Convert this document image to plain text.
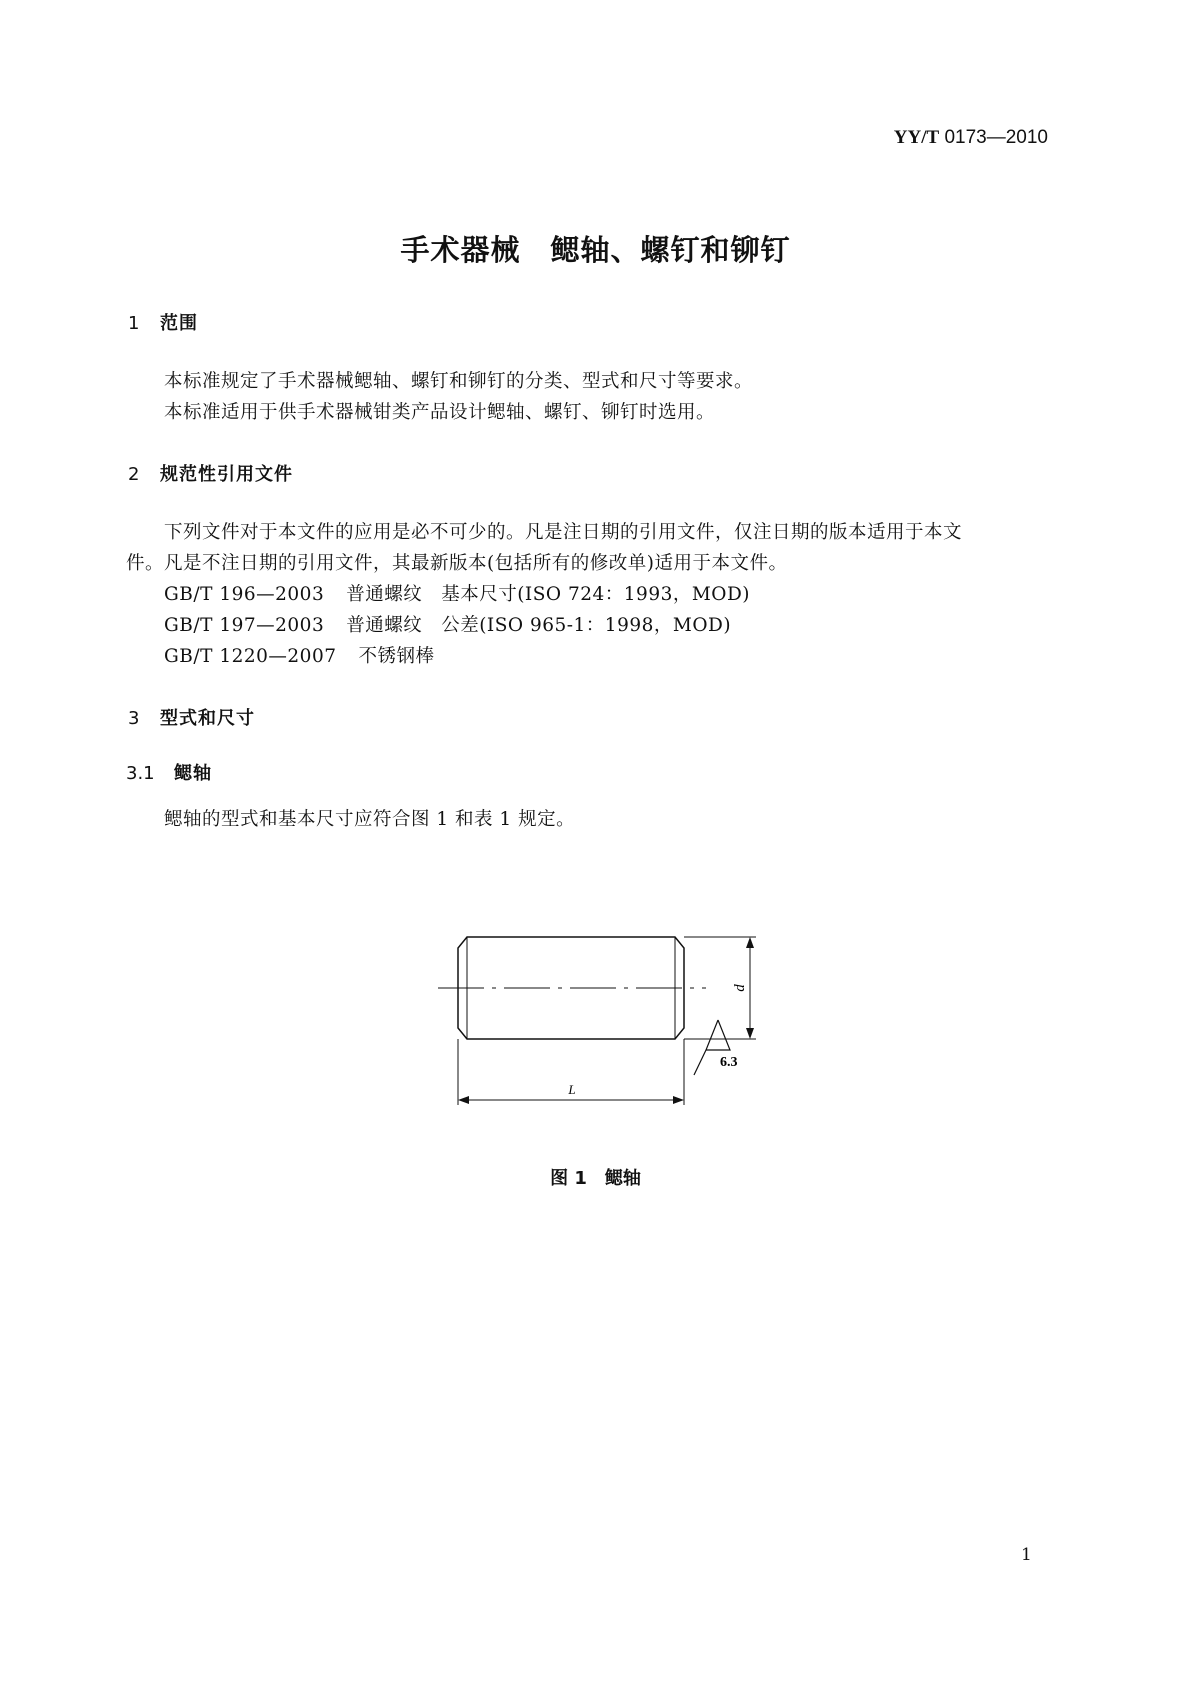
YY/T 0173—2010
手术器械　鳃轴、螺钉和铆钉
1 范围
本标准规定了手术器械鳃轴、螺钉和铆钉的分类、型式和尺寸等要求。
本标准适用于供手术器械钳类产品设计鳃轴、螺钉、铆钉时选用。
2 规范性引用文件
下列文件对于本文件的应用是必不可少的。凡是注日期的引用文件，仅注日期的版本适用于本文
件。凡是不注日期的引用文件，其最新版本(包括所有的修改单)适用于本文件。
GB/T 196—2003 普通螺纹　基本尺寸(ISO 724：1993，MOD)
GB/T 197—2003 普通螺纹　公差(ISO 965-1：1998，MOD)
GB/T 1220—2007 不锈钢棒
3 型式和尺寸
3.1 鳃轴
鳃轴的型式和基本尺寸应符合图 1 和表 1 规定。
d
L
6.3
图 1　鳃轴
1
